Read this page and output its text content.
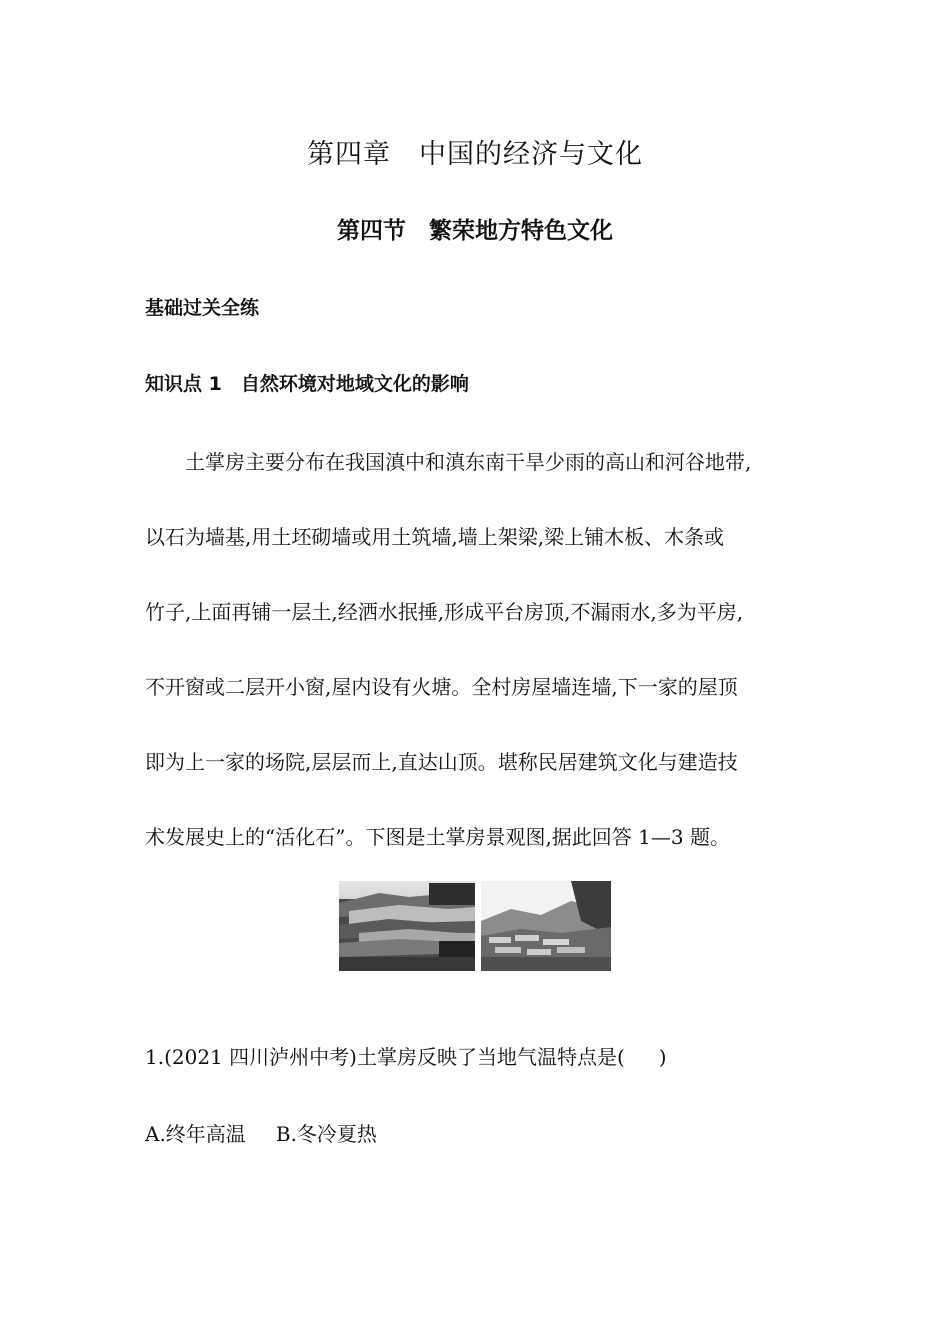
第四章　中国的经济与文化
第四节　繁荣地方特色文化
基础过关全练
知识点 1　自然环境对地域文化的影响
　　土掌房主要分布在我国滇中和滇东南干旱少雨的高山和河谷地带,
以石为墙基,用土坯砌墙或用土筑墙,墙上架梁,梁上铺木板、木条或
竹子,上面再铺一层土,经洒水抿捶,形成平台房顶,不漏雨水,多为平房,
不开窗或二层开小窗,屋内设有火塘。全村房屋墙连墙,下一家的屋顶
即为上一家的场院,层层而上,直达山顶。堪称民居建筑文化与建造技
术发展史上的“活化石”。下图是土掌房景观图,据此回答 1—3 题。
1.(2021 四川泸州中考)土掌房反映了当地气温特点是( )
A.终年高温 B.冬冷夏热
